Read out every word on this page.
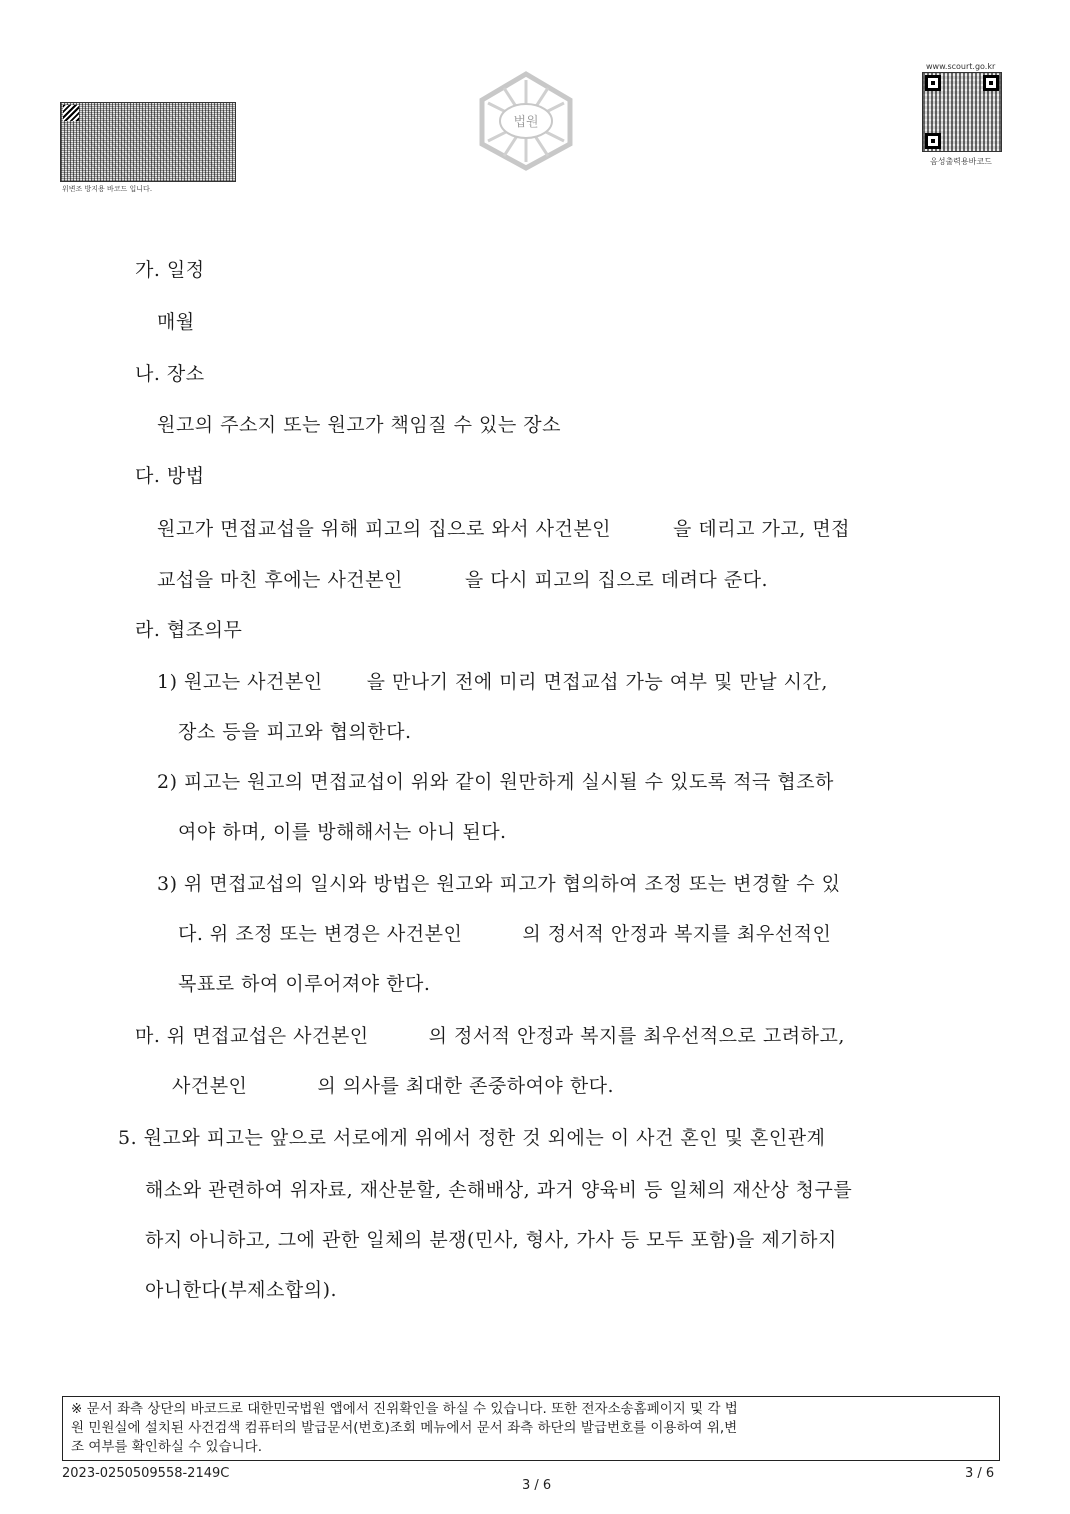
위변조 방지용 바코드 입니다.
법원
www.scourt.go.kr
음성출력용바코드
가. 일정
매월
나. 장소
원고의 주소지 또는 원고가 책임질 수 있는 장소
다. 방법
원고가 면접교섭을 위해 피고의 집으로 와서 사건본인	을 데리고 가고, 면접
교섭을 마친 후에는 사건본인	을 다시 피고의 집으로 데려다 준다.
라. 협조의무
1) 원고는 사건본인 을 만나기 전에 미리 면접교섭 가능 여부 및 만날 시간,
장소 등을 피고와 협의한다.
2) 피고는 원고의 면접교섭이 위와 같이 원만하게 실시될 수 있도록 적극 협조하
여야 하며, 이를 방해해서는 아니 된다.
3) 위 면접교섭의 일시와 방법은 원고와 피고가 협의하여 조정 또는 변경할 수 있
다. 위 조정 또는 변경은 사건본인	의 정서적 안정과 복지를 최우선적인
목표로 하여 이루어져야 한다.
마. 위 면접교섭은 사건본인	의 정서적 안정과 복지를 최우선적으로 고려하고,
사건본인	의 의사를 최대한 존중하여야 한다.
5. 원고와 피고는 앞으로 서로에게 위에서 정한 것 외에는 이 사건 혼인 및 혼인관계
해소와 관련하여 위자료, 재산분할, 손해배상, 과거 양육비 등 일체의 재산상 청구를
하지 아니하고, 그에 관한 일체의 분쟁(민사, 형사, 가사 등 모두 포함)을 제기하지
아니한다(부제소합의).
※ 문서 좌측 상단의 바코드로 대한민국법원 앱에서 진위확인을 하실 수 있습니다. 또한 전자소송홈페이지 및 각 법
원 민원실에 설치된 사건검색 컴퓨터의 발급문서(번호)조회 메뉴에서 문서 좌측 하단의 발급번호를 이용하여 위,변
조 여부를 확인하실 수 있습니다.
2023-0250509558-2149C
3 / 6
3 / 6
